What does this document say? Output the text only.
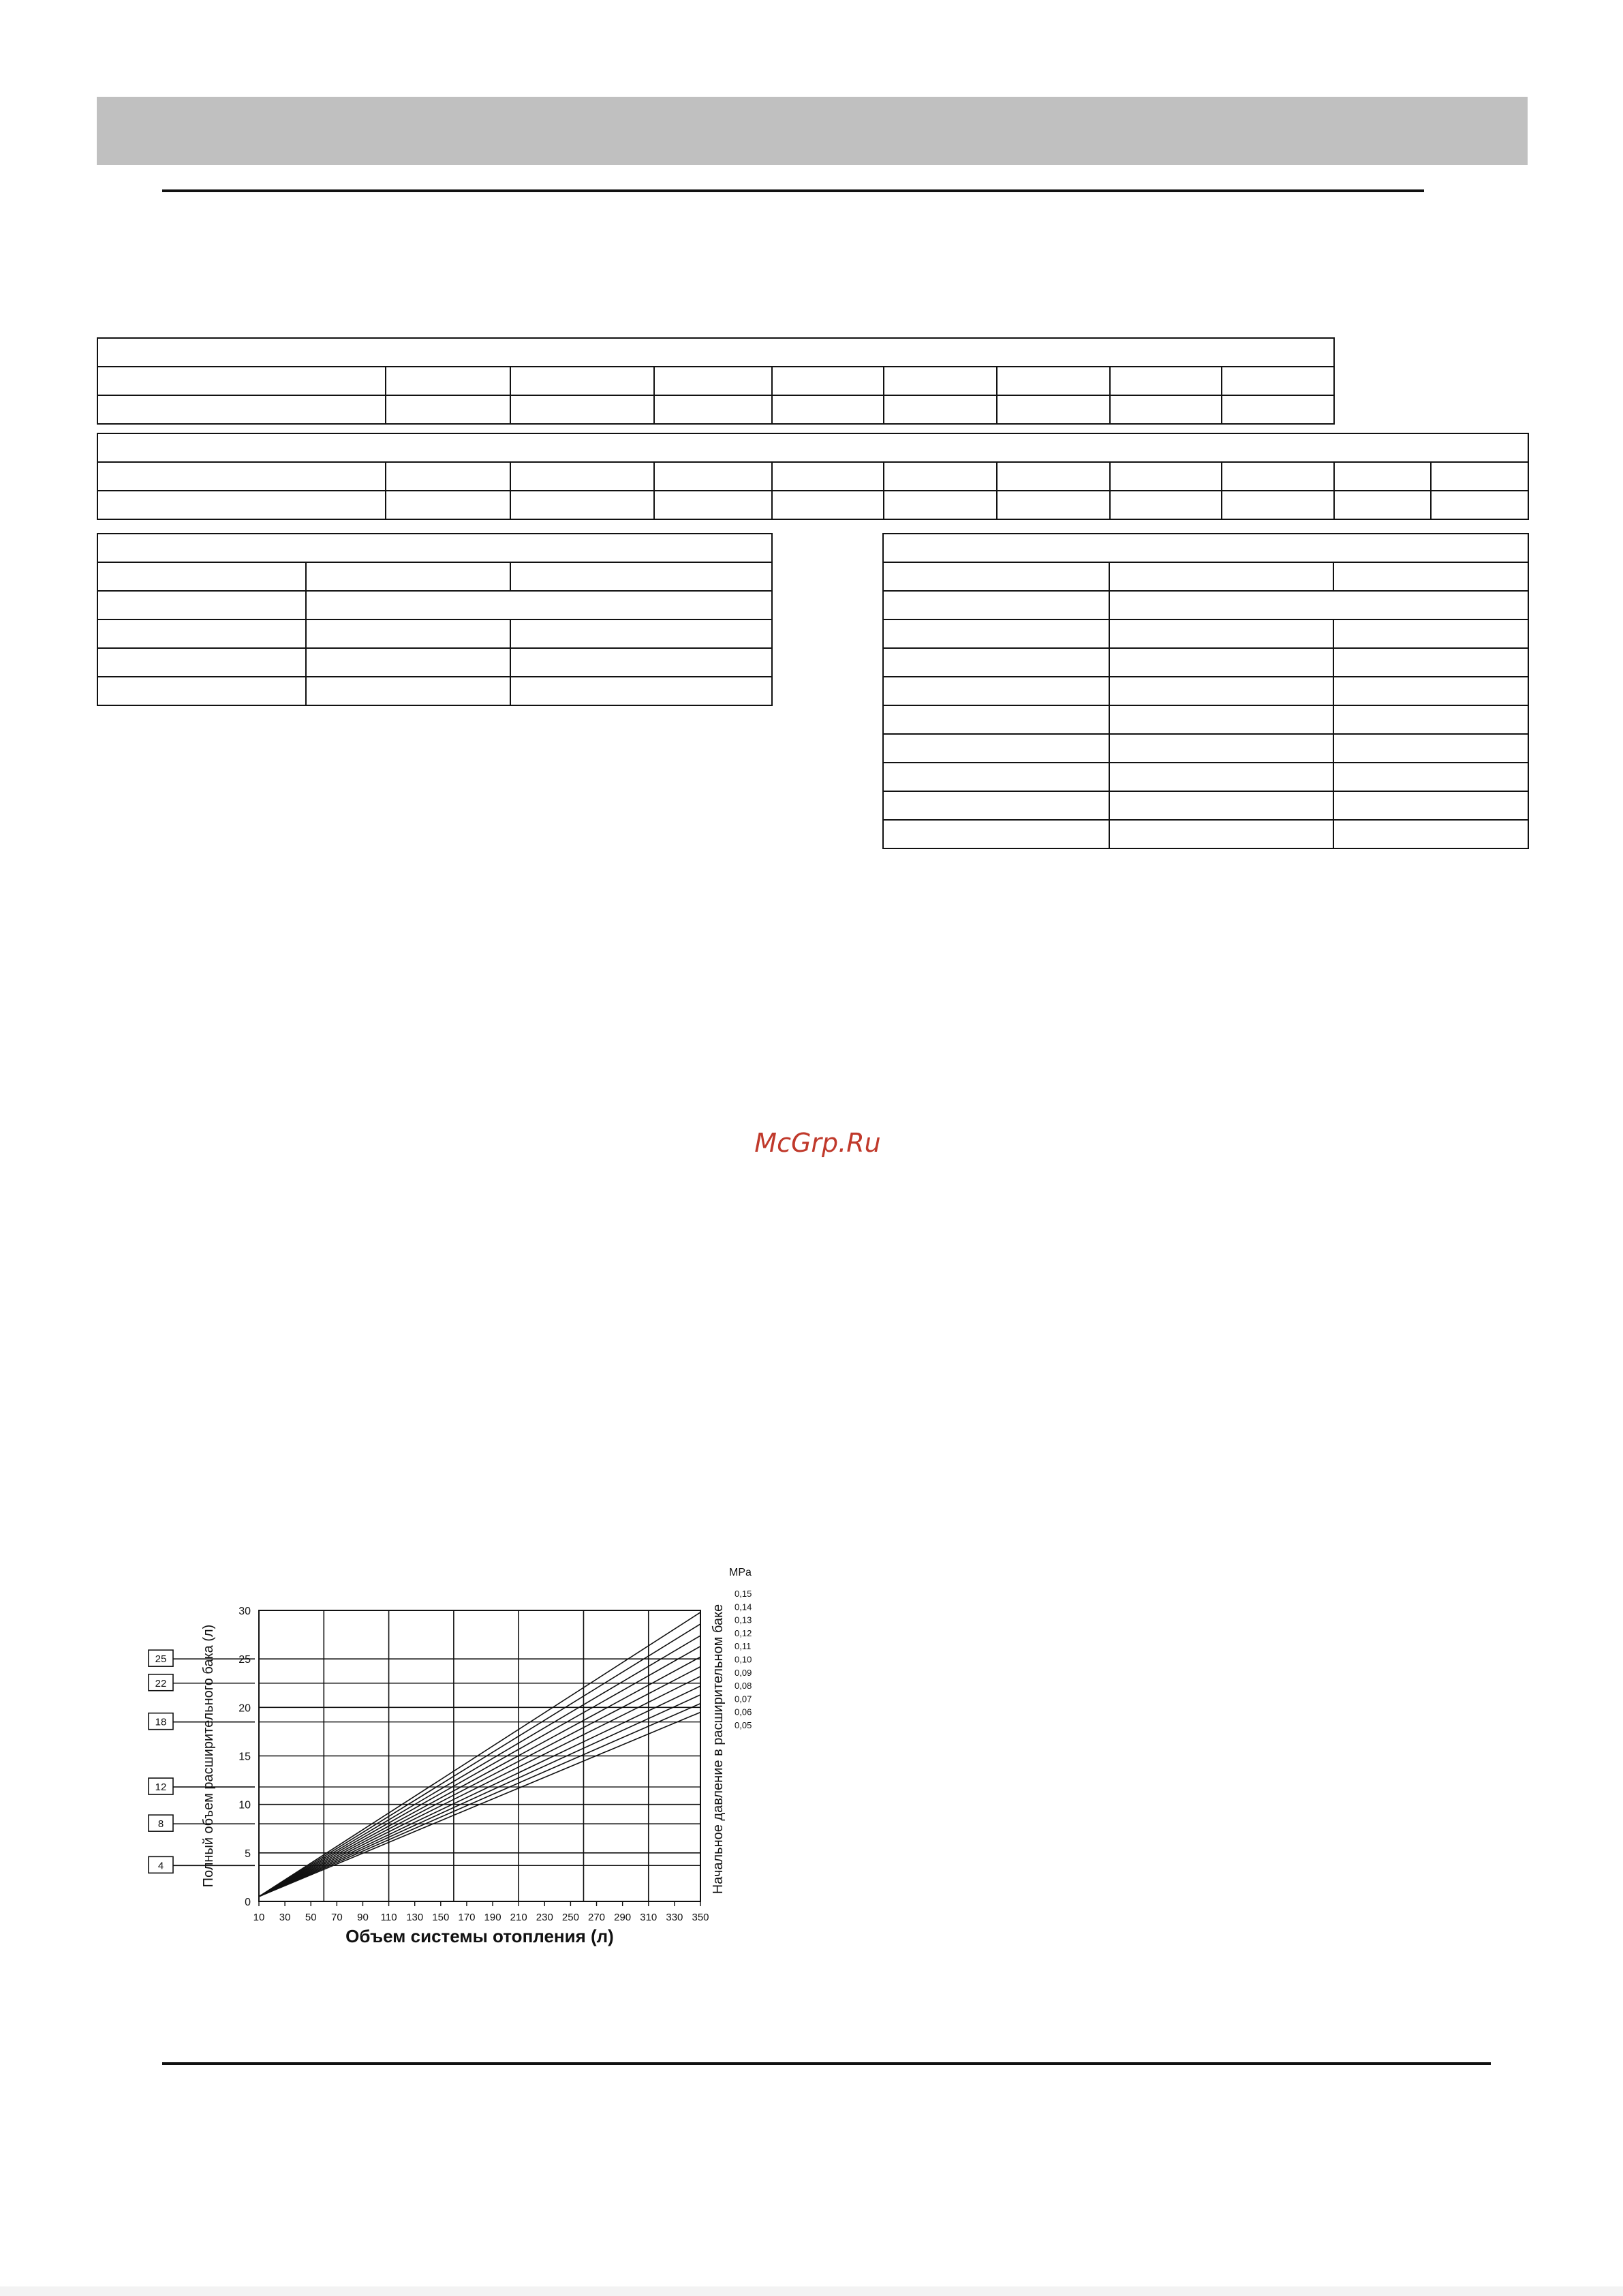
McGrp.Ru
0
5
10
15
20
25
30
10 30 50 70 90 110 130 150 170 190 210 230 250 270 290 310 330 350
25
22
18
12
8
4
0,15
0,14
0,13
0,12
0,11
0,10
0,09
0,08
0,07
0,06
0,05
MPa
Объем системы отопления (л)
Полный объем расширительного бака (л)	Начальное давление в расширительном баке
